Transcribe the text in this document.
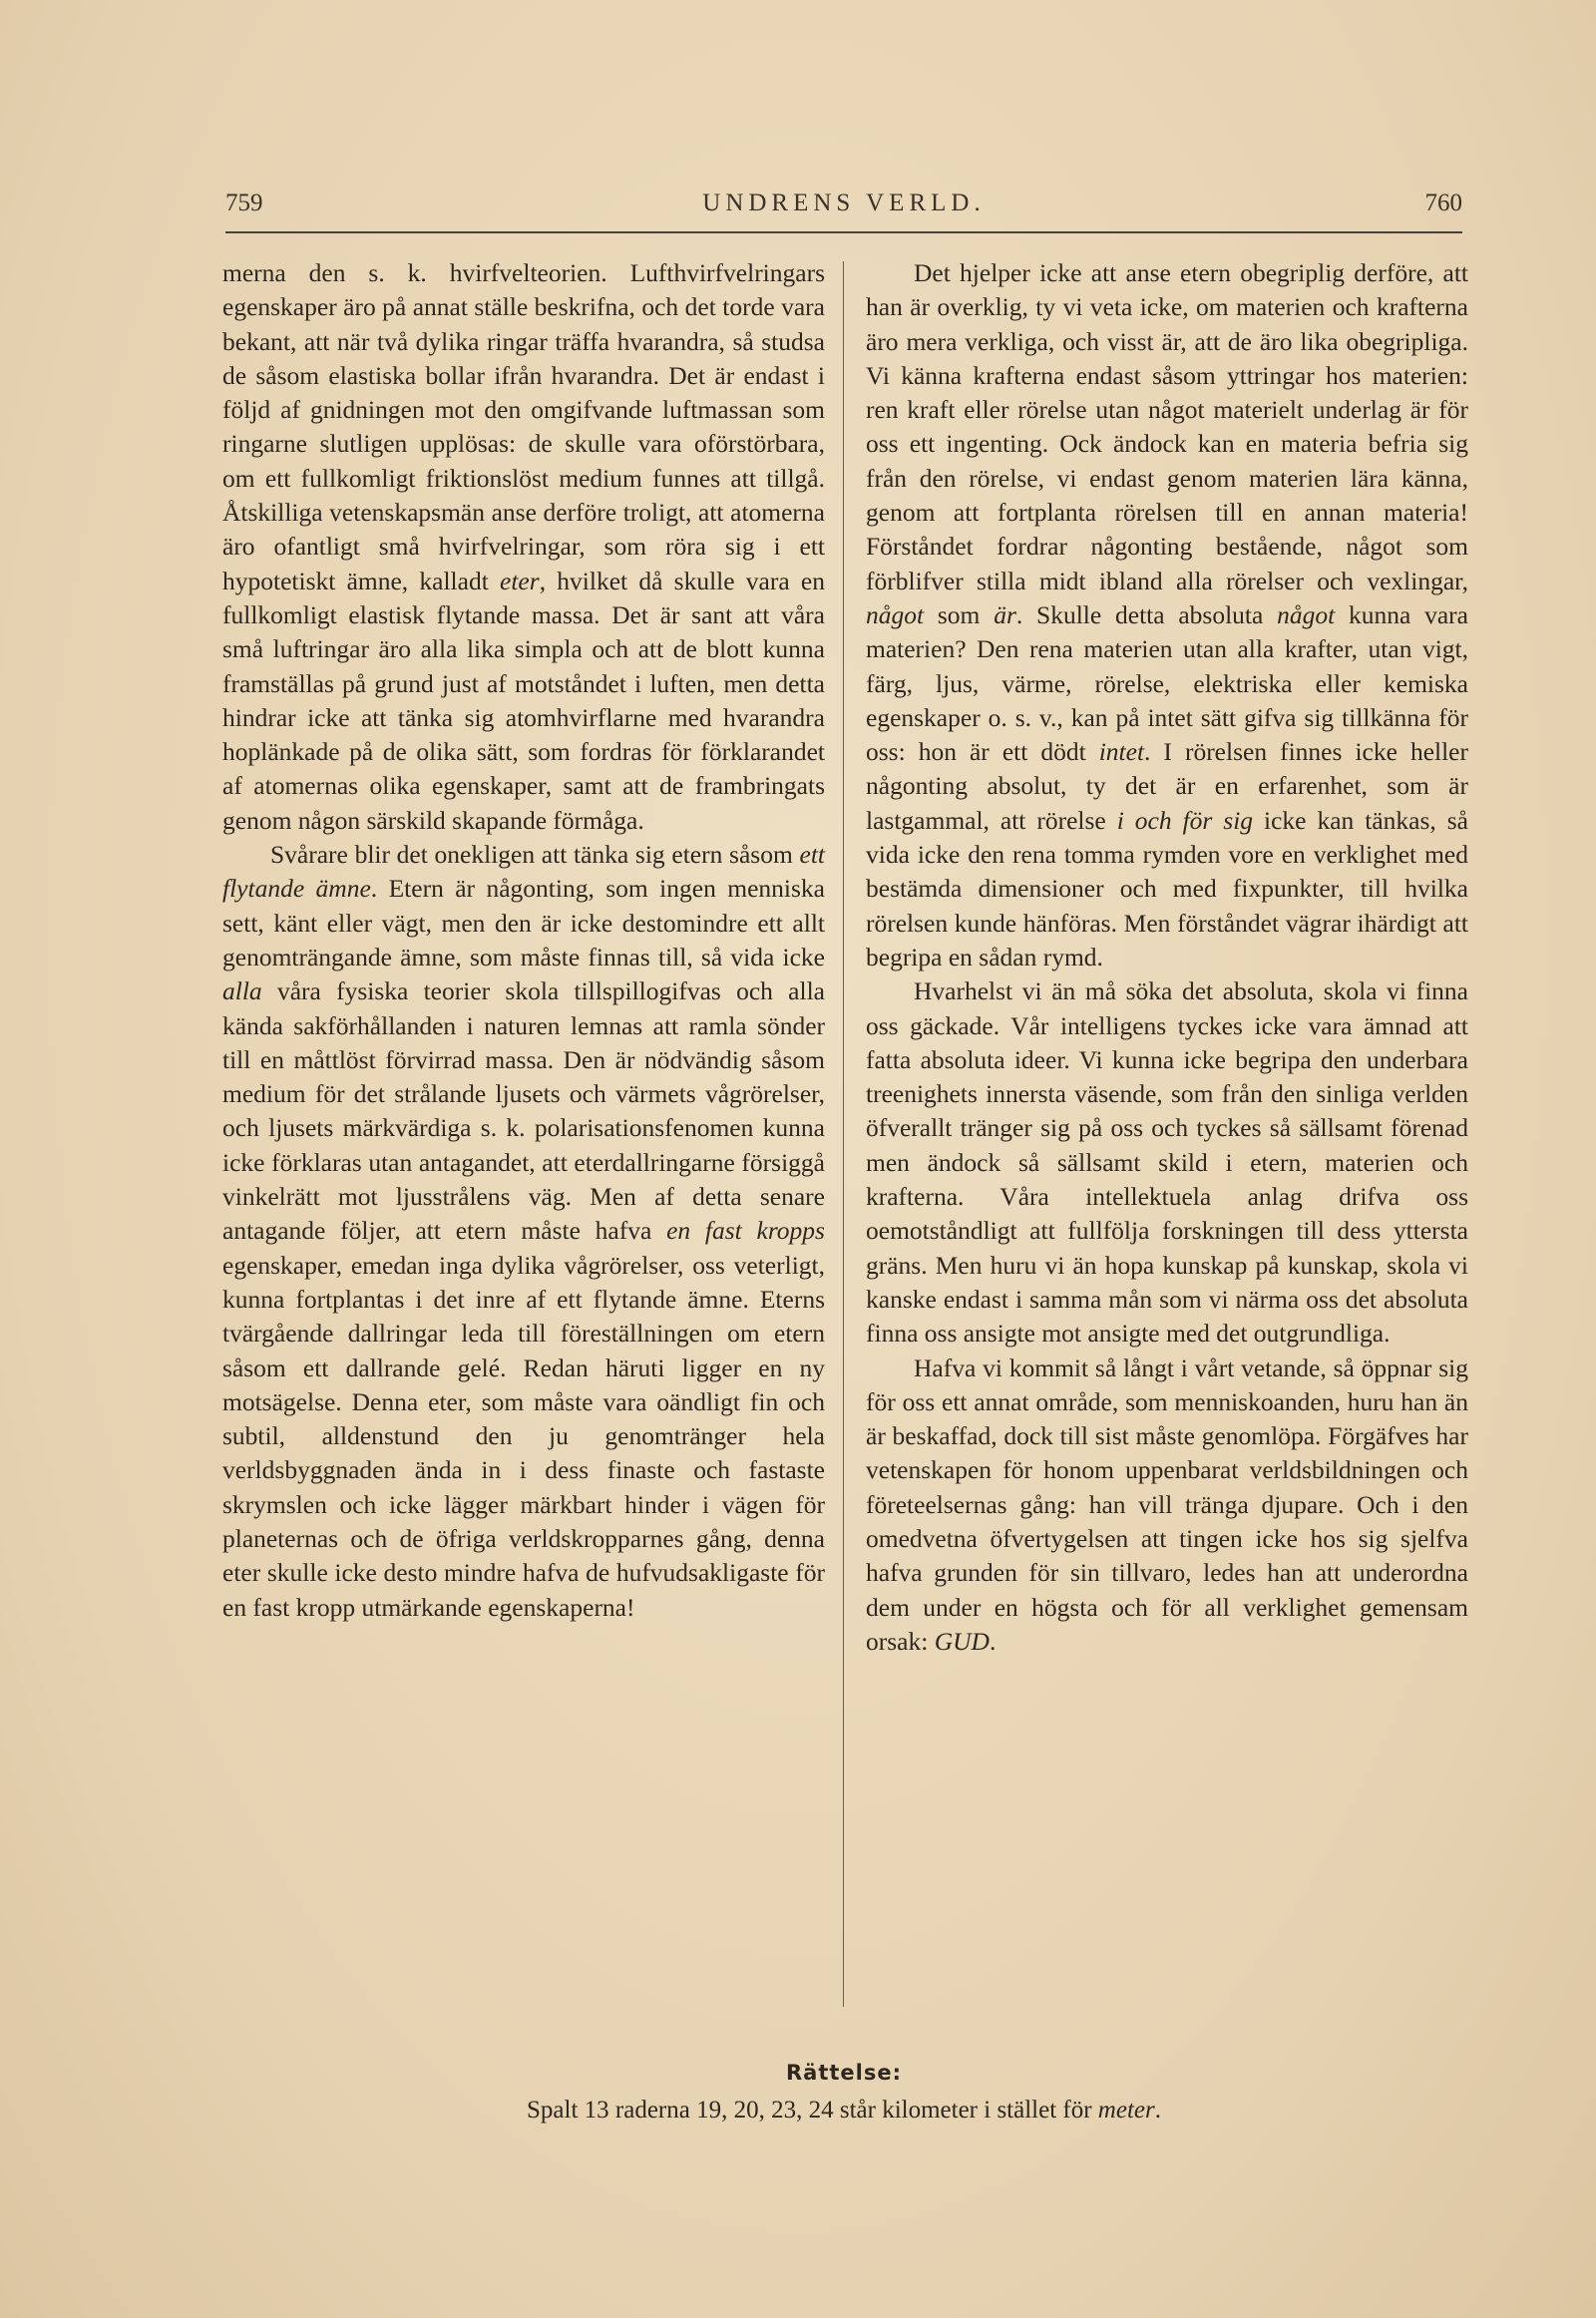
759	UNDRENS VERLD.	760

merna den s. k. hvirfvelteorien. Lufthvirfvelringars egenskaper äro på annat ställe beskrifna, och det torde vara bekant, att när två dylika ringar träffa hvarandra, så studsa de såsom elastiska bollar ifrån hvarandra. Det är endast i följd af gnidningen mot den omgifvande luftmassan som ringarne slutligen upplösas: de skulle vara oförstörbara, om ett fullkomligt friktionslöst medium funnes att tillgå. Åtskilliga vetenskapsmän anse derföre troligt, att atomerna äro ofantligt små hvirfvelringar, som röra sig i ett hypotetiskt ämne, kalladt eter, hvilket då skulle vara en fullkomligt elastisk flytande massa. Det är sant att våra små luftringar äro alla lika simpla och att de blott kunna framställas på grund just af motståndet i luften, men detta hindrar icke att tänka sig atomhvirflarne med hvarandra hoplänkade på de olika sätt, som fordras för förklarandet af atomernas olika egenskaper, samt att de frambringats genom någon särskild skapande förmåga.

Svårare blir det onekligen att tänka sig etern såsom ett flytande ämne. Etern är någonting, som ingen menniska sett, känt eller vägt, men den är icke destomindre ett allt genomträngande ämne, som måste finnas till, så vida icke alla våra fysiska teorier skola tillspillogifvas och alla kända sakförhållanden i naturen lemnas att ramla sönder till en måttlöst förvirrad massa. Den är nödvändig såsom medium för det strålande ljusets och värmets vågrörelser, och ljusets märkvärdiga s. k. polarisationsfenomen kunna icke förklaras utan antagandet, att eterdallringarne försiggå vinkelrätt mot ljusstrålens väg. Men af detta senare antagande följer, att etern måste hafva en fast kropps egenskaper, emedan inga dylika vågrörelser, oss veterligt, kunna fortplantas i det inre af ett flytande ämne. Eterns tvärgående dallringar leda till föreställningen om etern såsom ett dallrande gelé. Redan häruti ligger en ny motsägelse. Denna eter, som måste vara oändligt fin och subtil, alldenstund den ju genomtränger hela verldsbyggnaden ända in i dess finaste och fastaste skrymslen och icke lägger märkbart hinder i vägen för planeternas och de öfriga verldskropparnes gång, denna eter skulle icke desto mindre hafva de hufvudsakligaste för en fast kropp utmärkande egenskaperna!

Det hjelper icke att anse etern obegriplig derföre, att han är overklig, ty vi veta icke, om materien och krafterna äro mera verkliga, och visst är, att de äro lika obegripliga. Vi känna krafterna endast såsom yttringar hos materien: ren kraft eller rörelse utan något materielt underlag är för oss ett ingenting. Ock ändock kan en materia befria sig från den rörelse, vi endast genom materien lära känna, genom att fortplanta rörelsen till en annan materia! Förståndet fordrar någonting bestående, något som förblifver stilla midt ibland alla rörelser och vexlingar, något som är. Skulle detta absoluta något kunna vara materien? Den rena materien utan alla krafter, utan vigt, färg, ljus, värme, rörelse, elektriska eller kemiska egenskaper o. s. v., kan på intet sätt gifva sig tillkänna för oss: hon är ett dödt intet. I rörelsen finnes icke heller någonting absolut, ty det är en erfarenhet, som är lastgammal, att rörelse i och för sig icke kan tänkas, så vida icke den rena tomma rymden vore en verklighet med bestämda dimensioner och med fixpunkter, till hvilka rörelsen kunde hänföras. Men förståndet vägrar ihärdigt att begripa en sådan rymd.

Hvarhelst vi än må söka det absoluta, skola vi finna oss gäckade. Vår intelligens tyckes icke vara ämnad att fatta absoluta ideer. Vi kunna icke begripa den underbara treenighets innersta väsende, som från den sinliga verlden öfverallt tränger sig på oss och tyckes så sällsamt förenad men ändock så sällsamt skild i etern, materien och krafterna. Våra intellektuela anlag drifva oss oemotståndligt att fullfölja forskningen till dess yttersta gräns. Men huru vi än hopa kunskap på kunskap, skola vi kanske endast i samma mån som vi närma oss det absoluta finna oss ansigte mot ansigte med det outgrundliga.

Hafva vi kommit så långt i vårt vetande, så öppnar sig för oss ett annat område, som menniskoanden, huru han än är beskaffad, dock till sist måste genomlöpa. Förgäfves har vetenskapen för honom uppenbarat verldsbildningen och företeelsernas gång: han vill tränga djupare. Och i den omedvetna öfvertygelsen att tingen icke hos sig sjelfva hafva grunden för sin tillvaro, ledes han att underordna dem under en högsta och för all verklighet gemensam orsak: GUD.

Rättelse:
Spalt 13 raderna 19, 20, 23, 24 står kilometer i stället för meter.
